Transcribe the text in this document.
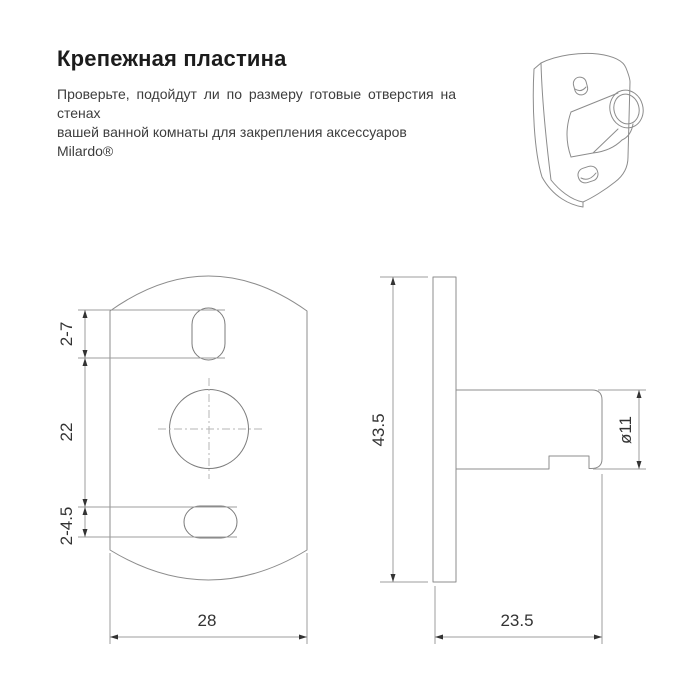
Крепежная пластина
Проверьте, подойдут ли по размеру готовые отверстия на стенах
вашей ванной комнаты для закрепления аксессуаров Milardo®
2-7
22
2-4.5
28
43.5	ø11
23.5
